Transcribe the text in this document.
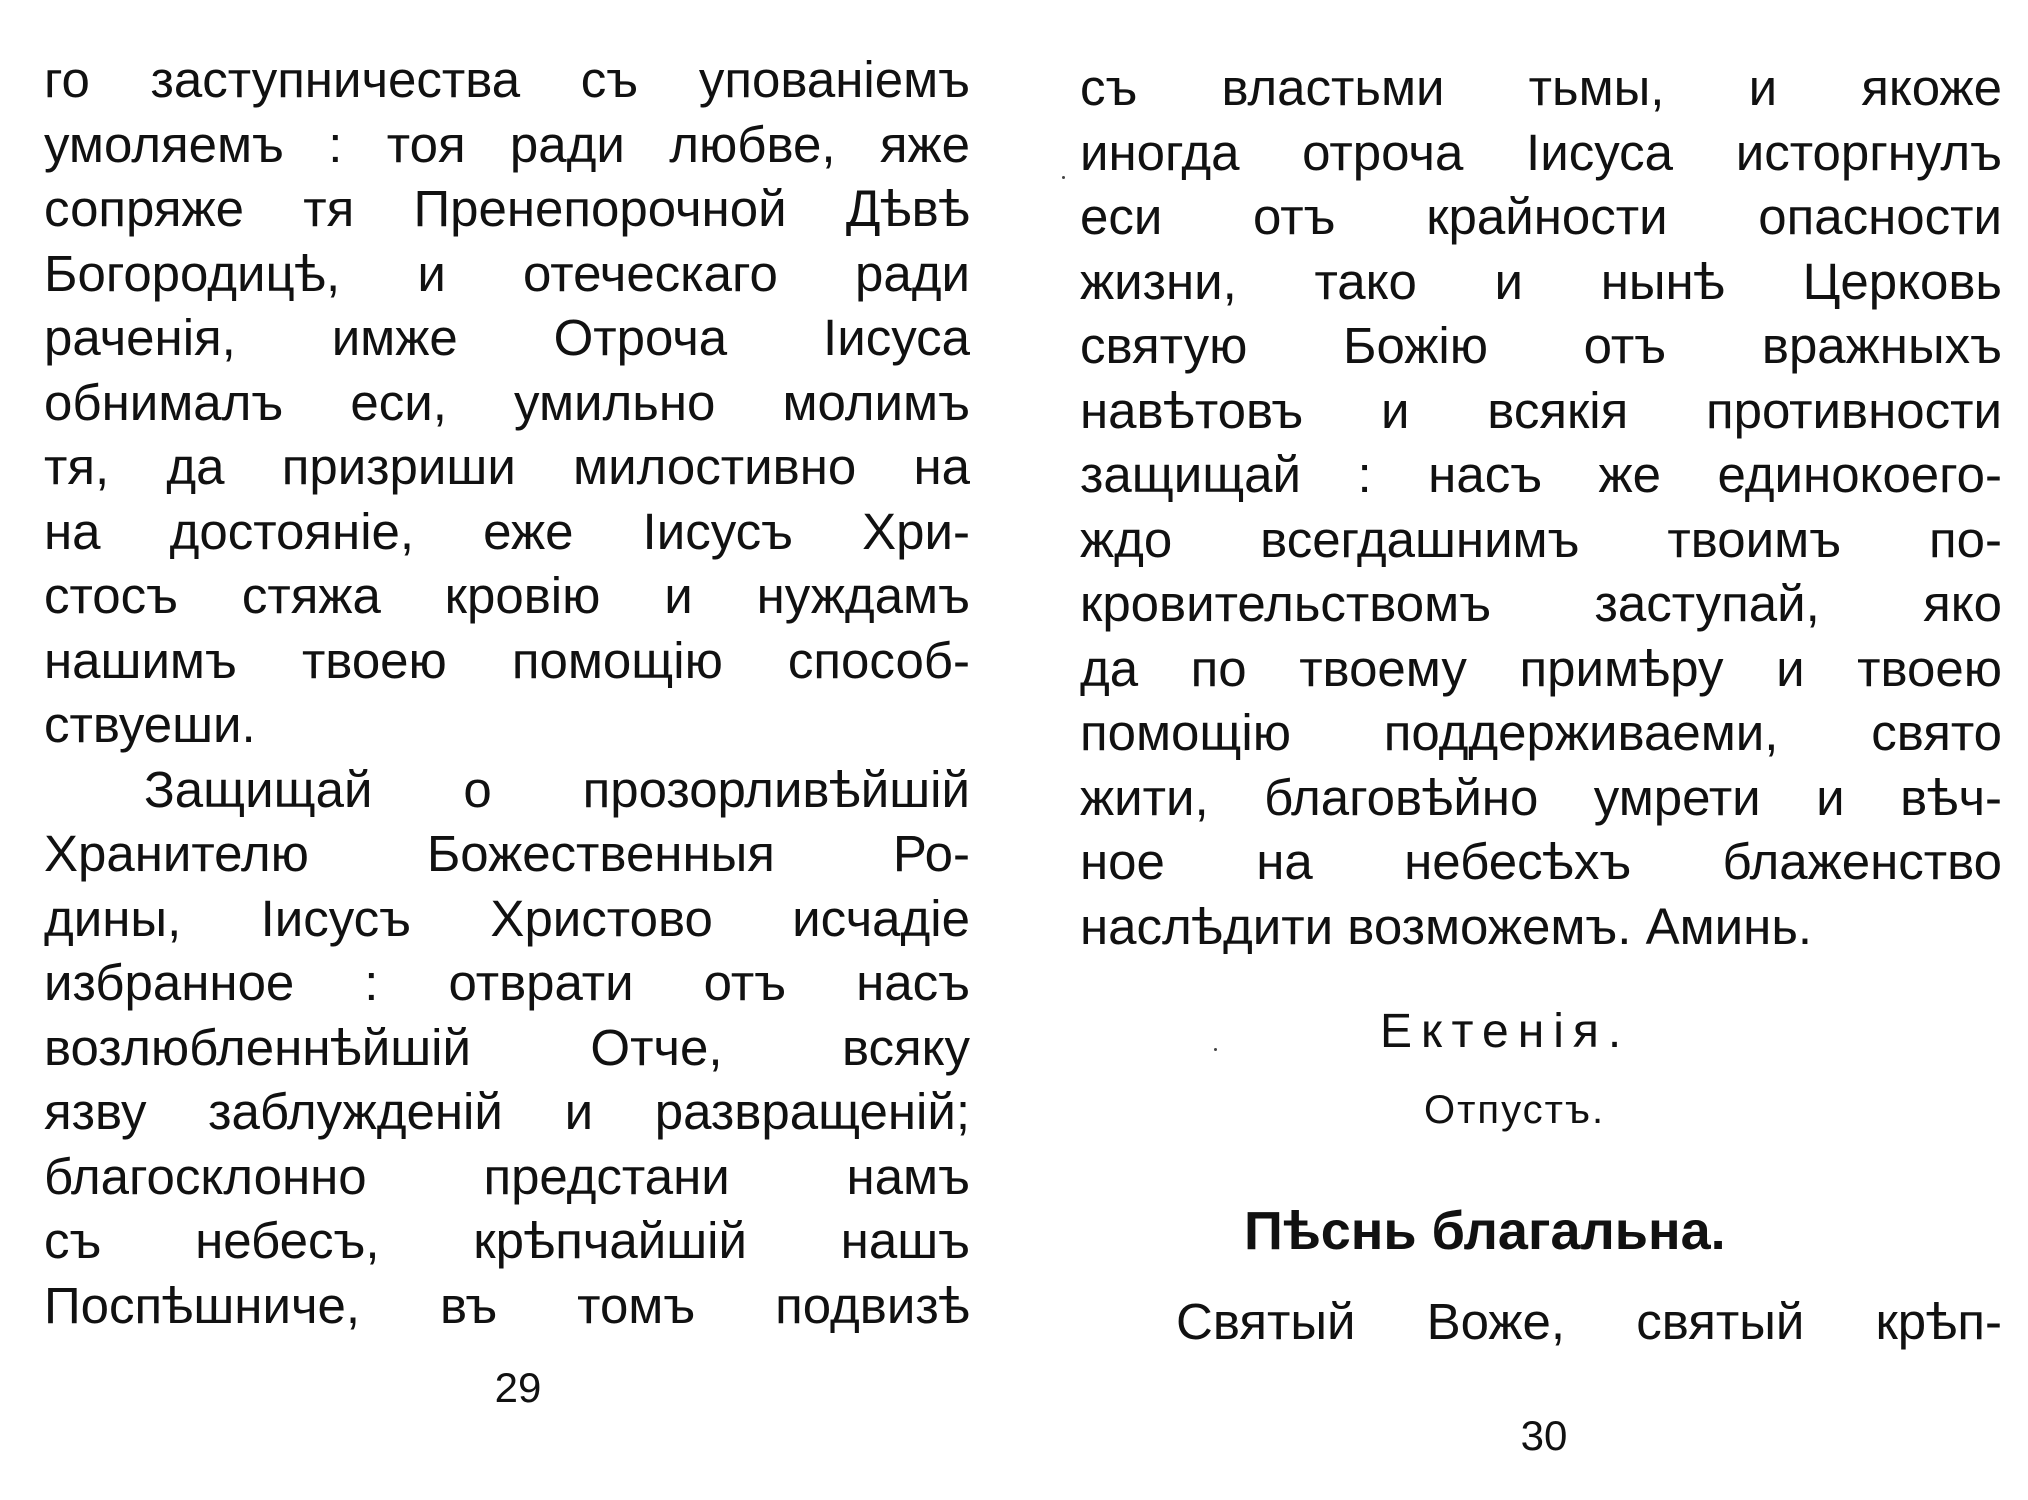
го заступничества съ упованіемъ
умоляемъ : тоя ради любве, яже
сопряже тя Пренепорочной Дѣвѣ
Богородицѣ, и отеческаго ради
раченія, имже Отроча Іисуса
обнималъ еси, умильно молимъ
тя, да призриши милостивно на
на достояніе, еже Іисусъ Хри-
стосъ стяжа кровію и нуждамъ
нашимъ твоею помощію способ-
ствуеши.
Защищай о прозорливѣйшій
Хранителю Божественныя Ро-
дины, Іисусъ Христово исчадіе
избранное : отврати отъ насъ
возлюбленнѣйшій Отче, всяку
язву заблужденій и развращеній;
благосклонно предстани намъ
съ небесъ, крѣпчайшій нашъ
Поспѣшниче, въ томъ подвизѣ
29
съ властьми тьмы, и якоже
иногда отроча Іисуса исторгнулъ
еси отъ крайности опасности
жизни, тако и нынѣ Церковь
святую Божію отъ вражныхъ
навѣтовъ и всякія противности
защищай : насъ же единокоего-
ждо всегдашнимъ твоимъ по-
кровительствомъ заступай, яко
да по твоему примѣру и твоею
помощію поддерживаеми, свято
жити, благовѣйно умрети и вѣч-
ное на небесѣхъ блаженство
наслѣдити возможемъ. Аминь.
Ектенія.
Отпустъ.
Пѣснь благальна.
Святый Воже, святый крѣп-
30
